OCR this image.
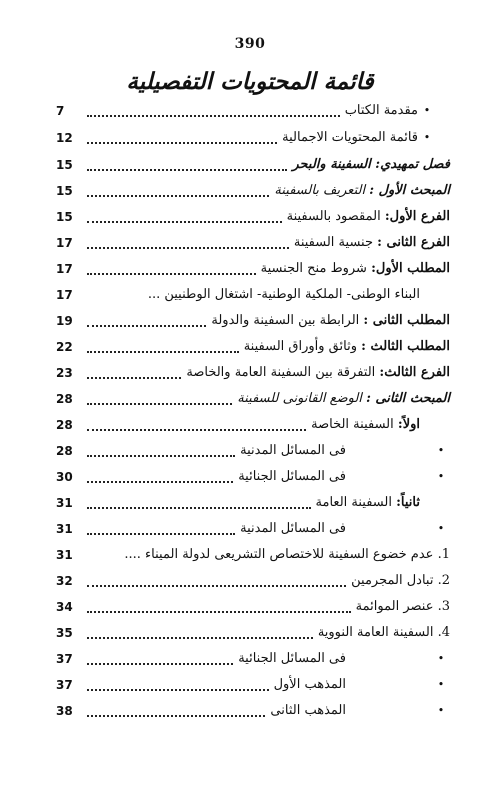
390
قائمة المحتويات التفصيلية
•
مقدمة الكتاب
7
•
قائمة المحتويات الاجمالية
12
فصل تمهيدي: السفينة والبحر
15
المبحث الأول : التعريف بالسفينة
15
الفرع الأول: المقصود بالسفينة
15
الفرع الثانى : جنسية السفينة
17
المطلب الأول: شروط منح الجنسية
17
البناء الوطنى- الملكية الوطنية- اشتغال الوطنيين ...
17
المطلب الثانى : الرابطة بين السفينة والدولة
19
المطلب الثالث : وثائق وأوراق السفينة
22
الفرع الثالث: التفرقة بين السفينة العامة والخاصة
23
المبحث الثانى : الوضع القانونى للسفينة
28
اولاً: السفينة الخاصة
28
•
فى المسائل المدنية
28
•
فى المسائل الجنائية
30
ثانياً: السفينة العامة
31
•
فى المسائل المدنية
31
1. عدم خضوع السفينة للاختصاص التشريعى لدولة الميناء ....
31
2. تبادل المجرمين
32
3. عنصر الموائمة
34
4. السفينة العامة النووية
35
•
فى المسائل الجنائية
37
•
المذهب الأول
37
•
المذهب الثانى
38
